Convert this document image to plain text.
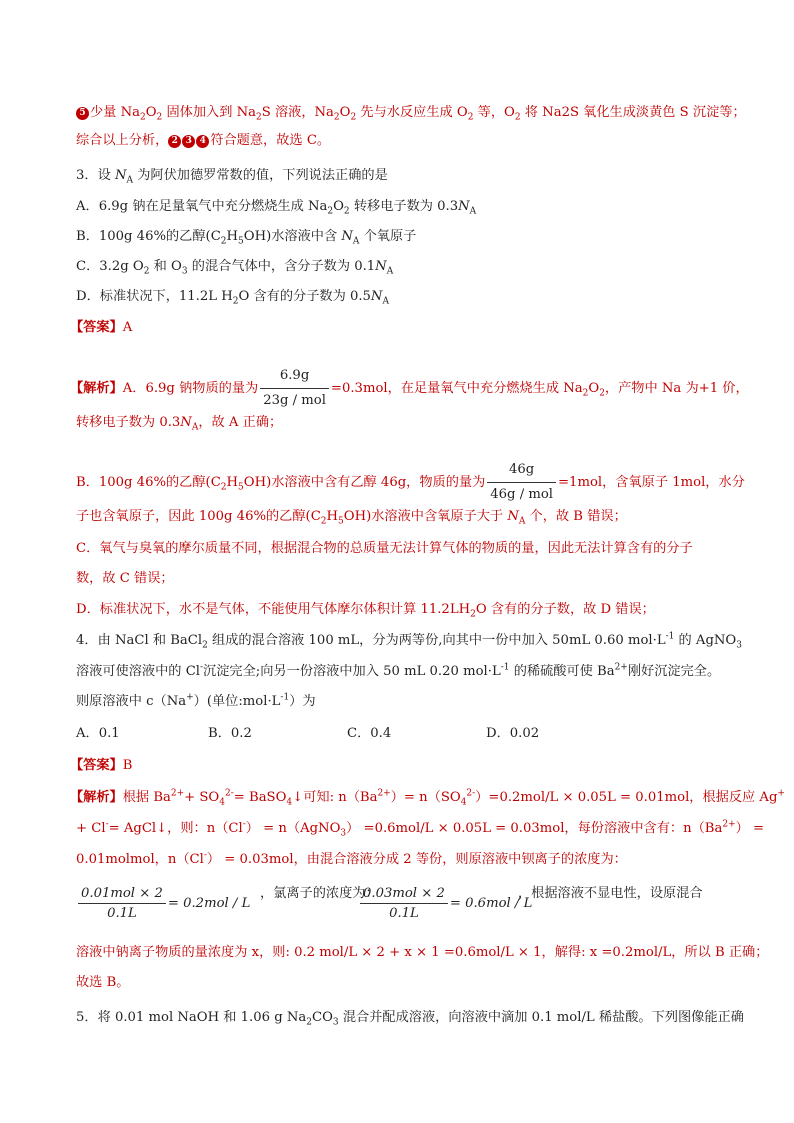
5 少量 $Na_2O_2$ 固体加入到 $Na_2S$ 溶液，$Na_2O_2$ 先与水反应生成 $O_2$ 等，$O_2$ 将 Na2S 氧化生成淡黄色 S 沉淀等；
综合以上分析， 2 3 4 符合题意，故选 C。
3．设 $N_A$ 为阿伏加德罗常数的值，下列说法正确的是
A．6.9g 钠在足量氧气中充分燃烧生成 $Na_2O_2$ 转移电子数为 $0.3N_A$
B．100g 46%的乙醇$(C_2H_5OH)$水溶液中含 $N_A$ 个氧原子
C．3.2g $O_2$ 和 $O_3$ 的混合气体中，含分子数为 $0.1N_A$
D．标准状况下，11.2L $H_2O$ 含有的分子数为 $0.5N_A$
【答案】A
【解析】A．6.9g 钠物质的量为 $\frac{6.9g}{\text{23g / mol}} =0.3mol$，在足量氧气中充分燃烧生成 $Na_2O_2$，产物中 Na 为+1 价，
转移电子数为 $0.3N_A$，故 A 正确；
B．100g 46%的乙醇$(C_2H_5OH)$水溶液中含有乙醇 46g，物质的量为 $\frac{46g}{\text{46g / mol}} =1mol$，含氧原子 1mol，水分
子也含氧原子，因此 100g 46%的乙醇$(C_2H_5OH)$水溶液中含氧原子大于 $N_A$ 个，故 B 错误；
C．氧气与臭氧的摩尔质量不同，根据混合物的总质量无法计算气体的物质的量，因此无法计算含有的分子
数，故 C 错误；
D．标准状况下，水不是气体，不能使用气体摩尔体积计算 $11.2LH_2O$ 含有的分子数，故 D 错误；
4．由 NaCl 和 BaCl$_2$ 组成的混合溶液 100 mL，分为两等份,向其中一份中加入 50mL 0.60 $mol\cdot L^{-1}$ 的 AgNO$_3$
溶液可使溶液中的 Cl-沉淀完全;向另一份溶液中加入 50 mL 0.20 $mol\cdot L^{-1}$ 的稀硫酸可使 $Ba^{2+}$刚好沉淀完全。
则原溶液中 c（Na+）(单位$:mol\cdot L^{-1}$）为
A．0.1	B．0.2	C．0.4	D．0.02
【答案】B
【解析】根据 $Ba^{2+}+ SO_4^{2-}=$ BaSO$_4$↓可知: $n(Ba^{2+})= n(SO_4^{2-})=0.2mol/L \times 0.05L = 0.01mol$，根据反应 Ag+
+ Cl-= AgCl↓，则：n（Cl-） = n（AgNO$_3$） =0.6mol/L × 0.05L = 0.03mol，每份溶液中含有：$n(Ba^{2+})$ =
0.01molmol，n（Cl-） = 0.03mol，由混合溶液分成 2 等份，则原溶液中钡离子的浓度为：
$\frac{\text{0.01mol × 2}}{0.1L} = 0.2mol / L$
，氯离子的浓度为：
$\frac{\text{0.03mol × 2}}{0.1L} = 0.6mol / L$
，根据溶液不显电性，设原混合
溶液中钠离子物质的量浓度为 x，则: 0.2 mol/L × 2 + x × 1 =0.6mol/L × 1，解得: x =0.2mol/L，所以 B 正确；
故选 B。
5．将 0.01 mol NaOH 和 1.06 g $Na_2CO_3$ 混合并配成溶液，向溶液中滴加 0.1 mol/L 稀盐酸。下列图像能正确
